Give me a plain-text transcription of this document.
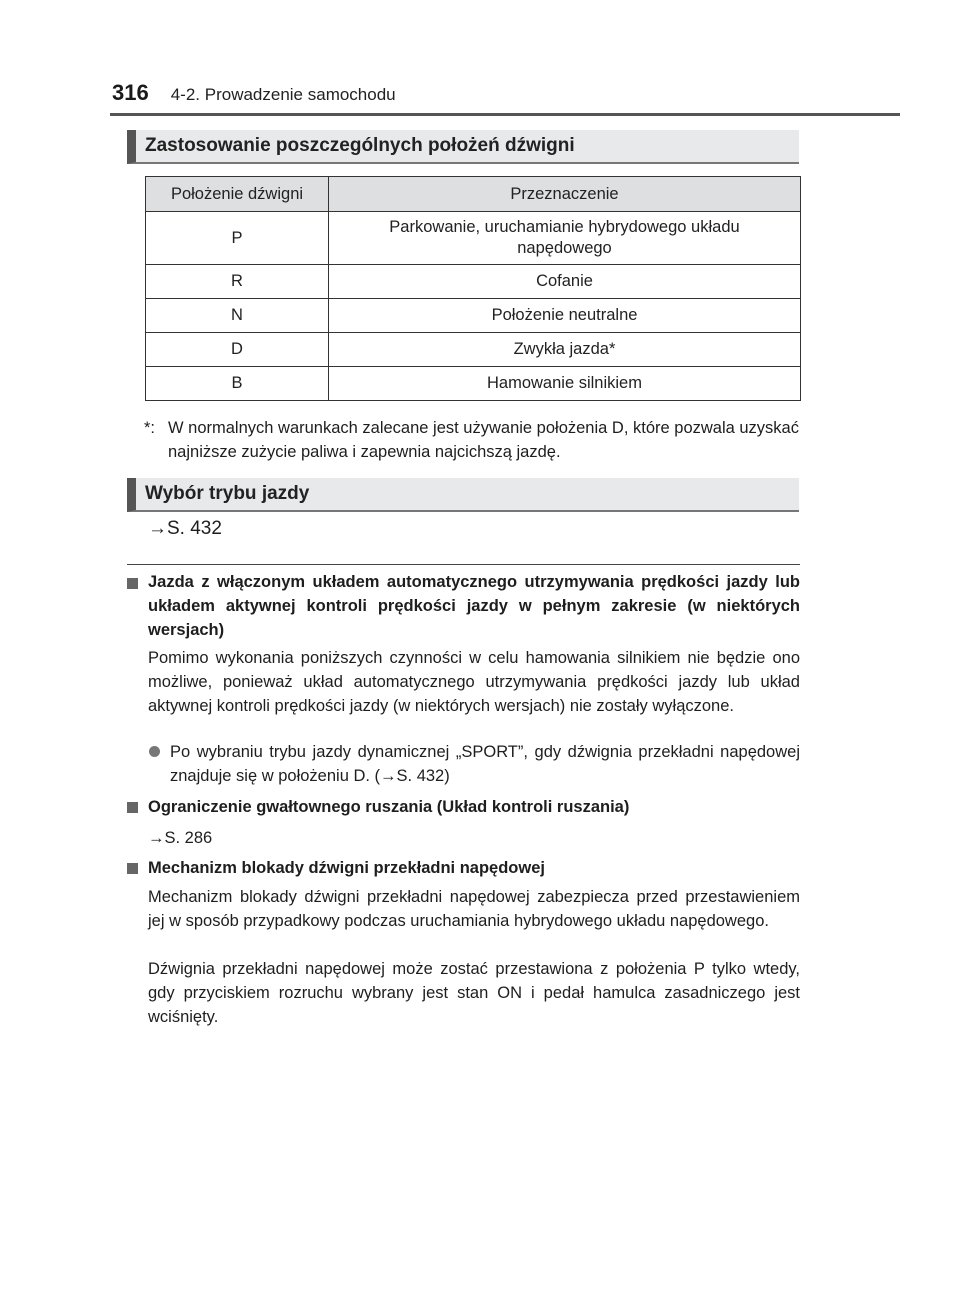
316 4-2. Prowadzenie samochodu
Zastosowanie poszczególnych położeń dźwigni
Położenie dźwigni	Przeznaczenie
P	Parkowanie, uruchamianie hybrydowego układu
napędowego
R	Cofanie
N	Położenie neutralne
D	Zwykła jazda*
B	Hamowanie silnikiem
*: W normalnych warunkach zalecane jest używanie położenia D, które pozwala uzyskać najniższe zużycie paliwa i zapewnia najcichszą jazdę.
Wybór trybu jazdy
→S. 432
Jazda z włączonym układem automatycznego utrzymywania prędkości jazdy lub układem aktywnej kontroli prędkości jazdy w pełnym zakresie (w niektórych wersjach)
Pomimo wykonania poniższych czynności w celu hamowania silnikiem nie będzie ono możliwe, ponieważ układ automatycznego utrzymywania prędkości jazdy lub układ aktywnej kontroli prędkości jazdy (w niektórych wersjach) nie zostały wyłączone.
Po wybraniu trybu jazdy dynamicznej „SPORT”, gdy dźwignia przekładni napędowej znajduje się w położeniu D. (→S. 432)
Ograniczenie gwałtownego ruszania (Układ kontroli ruszania)
→S. 286
Mechanizm blokady dźwigni przekładni napędowej
Mechanizm blokady dźwigni przekładni napędowej zabezpiecza przed przestawieniem jej w sposób przypadkowy podczas uruchamiania hybrydowego układu napędowego.
Dźwignia przekładni napędowej może zostać przestawiona z położenia P tylko wtedy, gdy przyciskiem rozruchu wybrany jest stan ON i pedał hamulca zasadniczego jest wciśnięty.
